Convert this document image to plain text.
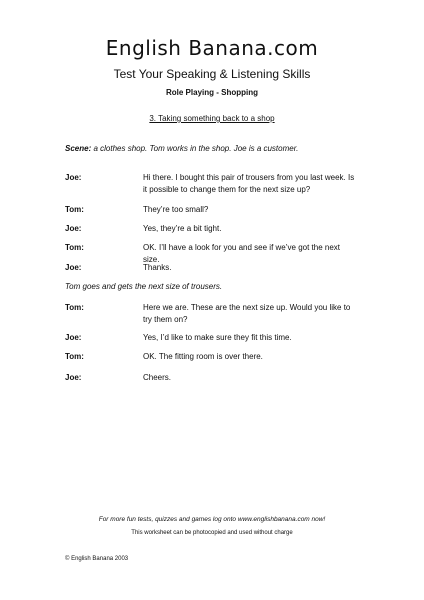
English Banana.com
Test Your Speaking & Listening Skills
Role Playing - Shopping
3. Taking something back to a shop
Scene: a clothes shop. Tom works in the shop. Joe is a customer.
Joe:	Hi there. I bought this pair of trousers from you last week. Is it possible to change them for the next size up?
Tom:	They’re too small?
Joe:	Yes, they’re a bit tight.
Tom:	OK. I’ll have a look for you and see if we’ve got the next size.
Joe:	Thanks.
Tom goes and gets the next size of trousers.
Tom:	Here we are. These are the next size up. Would you like to try them on?
Joe:	Yes, I’d like to make sure they fit this time.
Tom:	OK. The fitting room is over there.
Joe:	Cheers.
For more fun tests, quizzes and games log onto www.englishbanana.com now!
This worksheet can be photocopied and used without charge
© English Banana 2003
